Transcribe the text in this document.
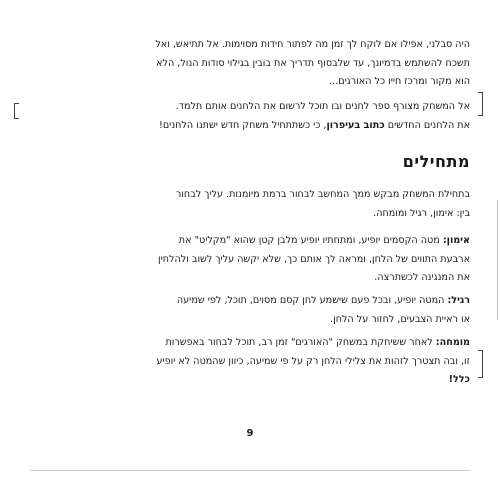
היה סבלני, אפילו אם לוקח לך זמן מה לפתור חידות מסוימות. אל תתיאש, ואל
תשכח להשתמש בדמיונך, עד שלבסוף תדריך את בובין בגילוי סודות הנול, הלא
הוא מקור ומרכז חייו כל האורגים...
אל המשחק מצורף ספר לחנים ובו תוכל לרשום את הלחנים אותם תלמד.
את הלחנים החדשים כתוב בעיפרון, כי כשתתחיל משחק חדש ישתנו הלחנים!
מתחילים
בתחילת המשחק מבקש ממך המחשב לבחור ברמת מיומנות. עליך לבחור
בין: אימון, רגיל ומומחה.
אימון: מטה הקסמים יופיע, ומתחתיו יופיע מלבן קטן שהוא "מקליט" את
ארבעת התווים של הלחן, ומראה לך אותם כך, שלא יקשה עליך לשוב ולהלחין
את המנגינה לכשתרצה.
רגיל: המטה יופיע, ובכל פעם שישמע לחן קסם מסוים, תוכל, לפי שמיעה
או ראיית הצבעים, לחזור על הלחן.
מומחה: לאחר ששיחקת במשחק "האורגים" זמן רב, תוכל לבחור באפשרות
זו, ובה תצטרך לזהות את צלילי הלחן רק על פי שמיעה, כיוון שהמטה לא יופיע
כלל!
9
